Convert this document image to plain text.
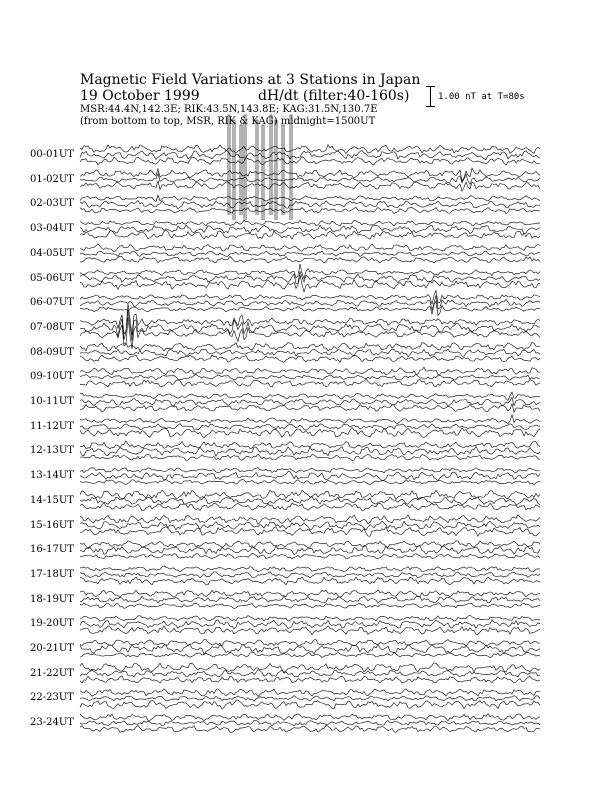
Magnetic Field Variations at 3 Stations in Japan
19 October 1999	dH/dt (filter:40-160s)
MSR:44.4N,142.3E; RIK:43.5N,143.8E; KAG:31.5N,130.7E
(from bottom to top, MSR, RIK & KAG) midnight=1500UT
1.00 nT at T=80s
00-01UT
01-02UT
02-03UT
03-04UT
04-05UT
05-06UT
06-07UT
07-08UT
08-09UT
09-10UT
10-11UT
11-12UT
12-13UT
13-14UT
14-15UT
15-16UT
16-17UT
17-18UT
18-19UT
19-20UT
20-21UT
21-22UT
22-23UT
23-24UT
